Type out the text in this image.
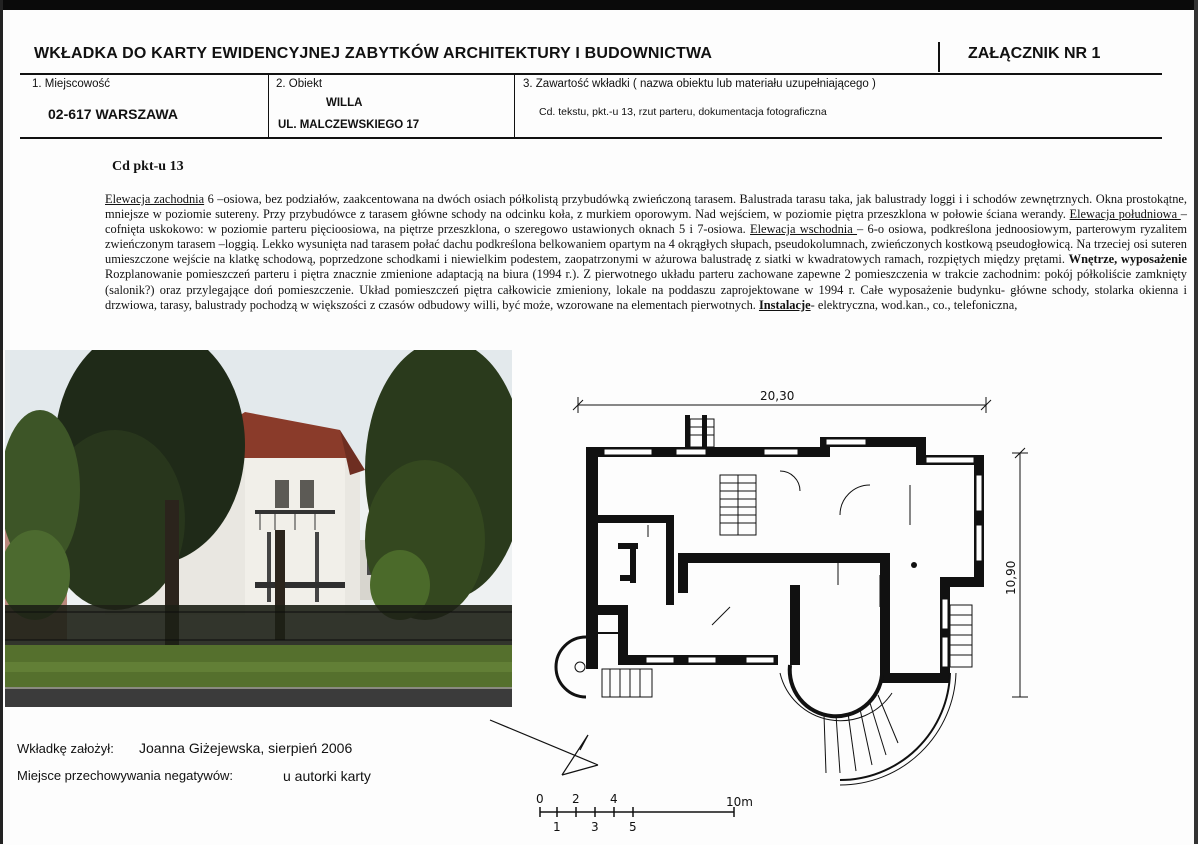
WKŁADKA DO KARTY EWIDENCYJNEJ ZABYTKÓW ARCHITEKTURY I BUDOWNICTWA	ZAŁĄCZNIK NR 1
1. Miejscowość
02-617 WARSZAWA
2. Obiekt
WILLA
UL. MALCZEWSKIEGO 17
3. Zawartość wkładki ( nazwa obiektu lub materiału uzupełniającego )
Cd. tekstu, pkt.-u 13, rzut parteru, dokumentacja fotograficzna
Cd pkt-u 13
Elewacja zachodnia 6 –osiowa, bez podziałów, zaakcentowana na dwóch osiach półkolistą przybudówką zwieńczoną tarasem. Balustrada tarasu taka, jak balustrady loggi i i schodów zewnętrznych. Okna prostokątne, mniejsze w poziomie sutereny. Przy przybudówce z tarasem główne schody na odcinku koła, z murkiem oporowym. Nad wejściem, w poziomie piętra przeszklona w połowie ściana werandy. Elewacja południowa – cofnięta uskokowo: w poziomie parteru pięcioosiowa, na piętrze przeszklona, o szeregowo ustawionych oknach 5 i 7-osiowa. Elewacja wschodnia – 6-o osiowa, podkreślona jednoosiowym, parterowym ryzalitem zwieńczonym tarasem –loggią. Lekko wysunięta nad tarasem połać dachu podkreślona belkowaniem opartym na 4 okrągłych słupach, pseudokolumnach, zwieńczonych kostkową pseudogłowicą. Na trzeciej osi suteren umieszczone wejście na klatkę schodową, poprzedzone schodkami i niewielkim podestem, zaopatrzonymi w ażurowa balustradę z siatki w kwadratowych ramach, rozpiętych między prętami. Wnętrze, wyposażenie Rozplanowanie pomieszczeń parteru i piętra znacznie zmienione adaptacją na biura (1994 r.). Z pierwotnego układu parteru zachowane zapewne 2 pomieszczenia w trakcie zachodnim: pokój półkoliście zamknięty (salonik?) oraz przylegające doń pomieszczenie. Układ pomieszczeń piętra całkowicie zmieniony, lokale na poddaszu zaprojektowane w 1994 r. Całe wyposażenie budynku- główne schody, stolarka okienna i drzwiowa, tarasy, balustrady pochodzą w większości z czasów odbudowy willi, być może, wzorowane na elementach pierwotnych. Instalacje- elektryczna, wod.kan., co., telefoniczna,
20,30
10,90
0 2	4	10m
1	3	5
Wkładkę założył: Joanna Giżejewska, sierpień 2006
Miejsce przechowywania negatywów:	u autorki karty
